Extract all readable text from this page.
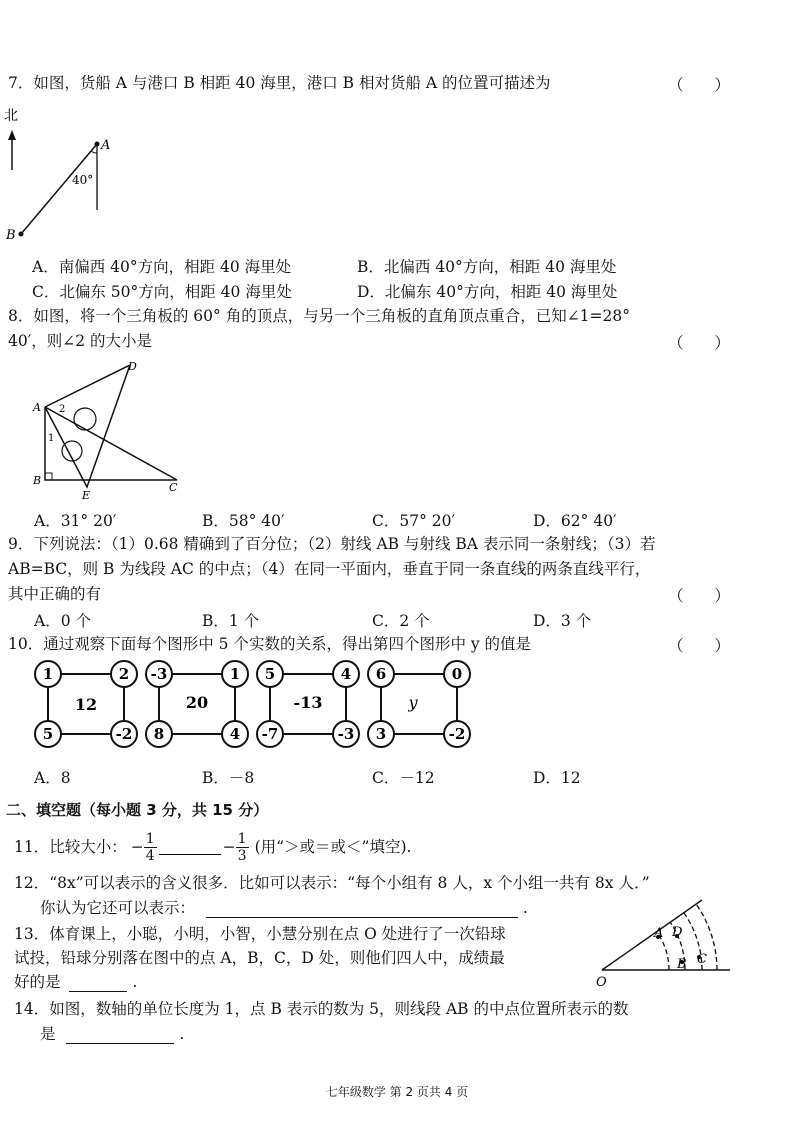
7．如图，货船 A 与港口 B 相距 40 海里，港口 B 相对货船 A 的位置可描述为	（　　）
北
A
B
40°
A．南偏西 40°方向，相距 40 海里处	B．北偏西 40°方向，相距 40 海里处
C．北偏东 50°方向，相距 40 海里处	D．北偏东 40°方向，相距 40 海里处
8．如图，将一个三角板的 60° 角的顶点，与另一个三角板的直角顶点重合，已知∠1=28°
40′，则∠2 的大小是	（　　）
A
B
C
D
E
1
2
A．31° 20′	B．58° 40′	C．57° 20′	D．62° 40′
9．下列说法：（1）0.68 精确到了百分位；（2）射线 AB 与射线 BA 表示同一条射线；（3）若
AB=BC，则 B 为线段 AC 的中点；（4）在同一平面内，垂直于同一条直线的两条直线平行，
其中正确的有	（　　）
A．0 个	B．1 个	C．2 个	D．3 个
10．通过观察下面每个图形中 5 个实数的关系，得出第四个图形中 y 的值是	（　　）
1	2
5	-2
12
-3	1
8	4
20
5	4
-7	-3
-13
6	0
3	-2
y
A．8	B．－8	C．－12	D．12
二、填空题（每小题 3 分，共 15 分）
11．比较大小： − $\frac{1}{4}$	− $\frac{1}{3}$ (用“＞或＝或＜”填空).
12．“8x”可以表示的含义很多．比如可以表示：“每个小组有 8 人，x 个小组一共有 8x 人．”
你认为它还可以表示：	.
13．体育课上，小聪，小明，小智，小慧分别在点 O 处进行了一次铅球
试投，铅球分别落在图中的点 A，B，C，D 处，则他们四人中，成绩最
好的是	.
A D
B C
O
14．如图，数轴的单位长度为 1，点 B 表示的数为 5，则线段 AB 的中点位置所表示的数
是	.
七年级数学 第 2 页共 4 页
